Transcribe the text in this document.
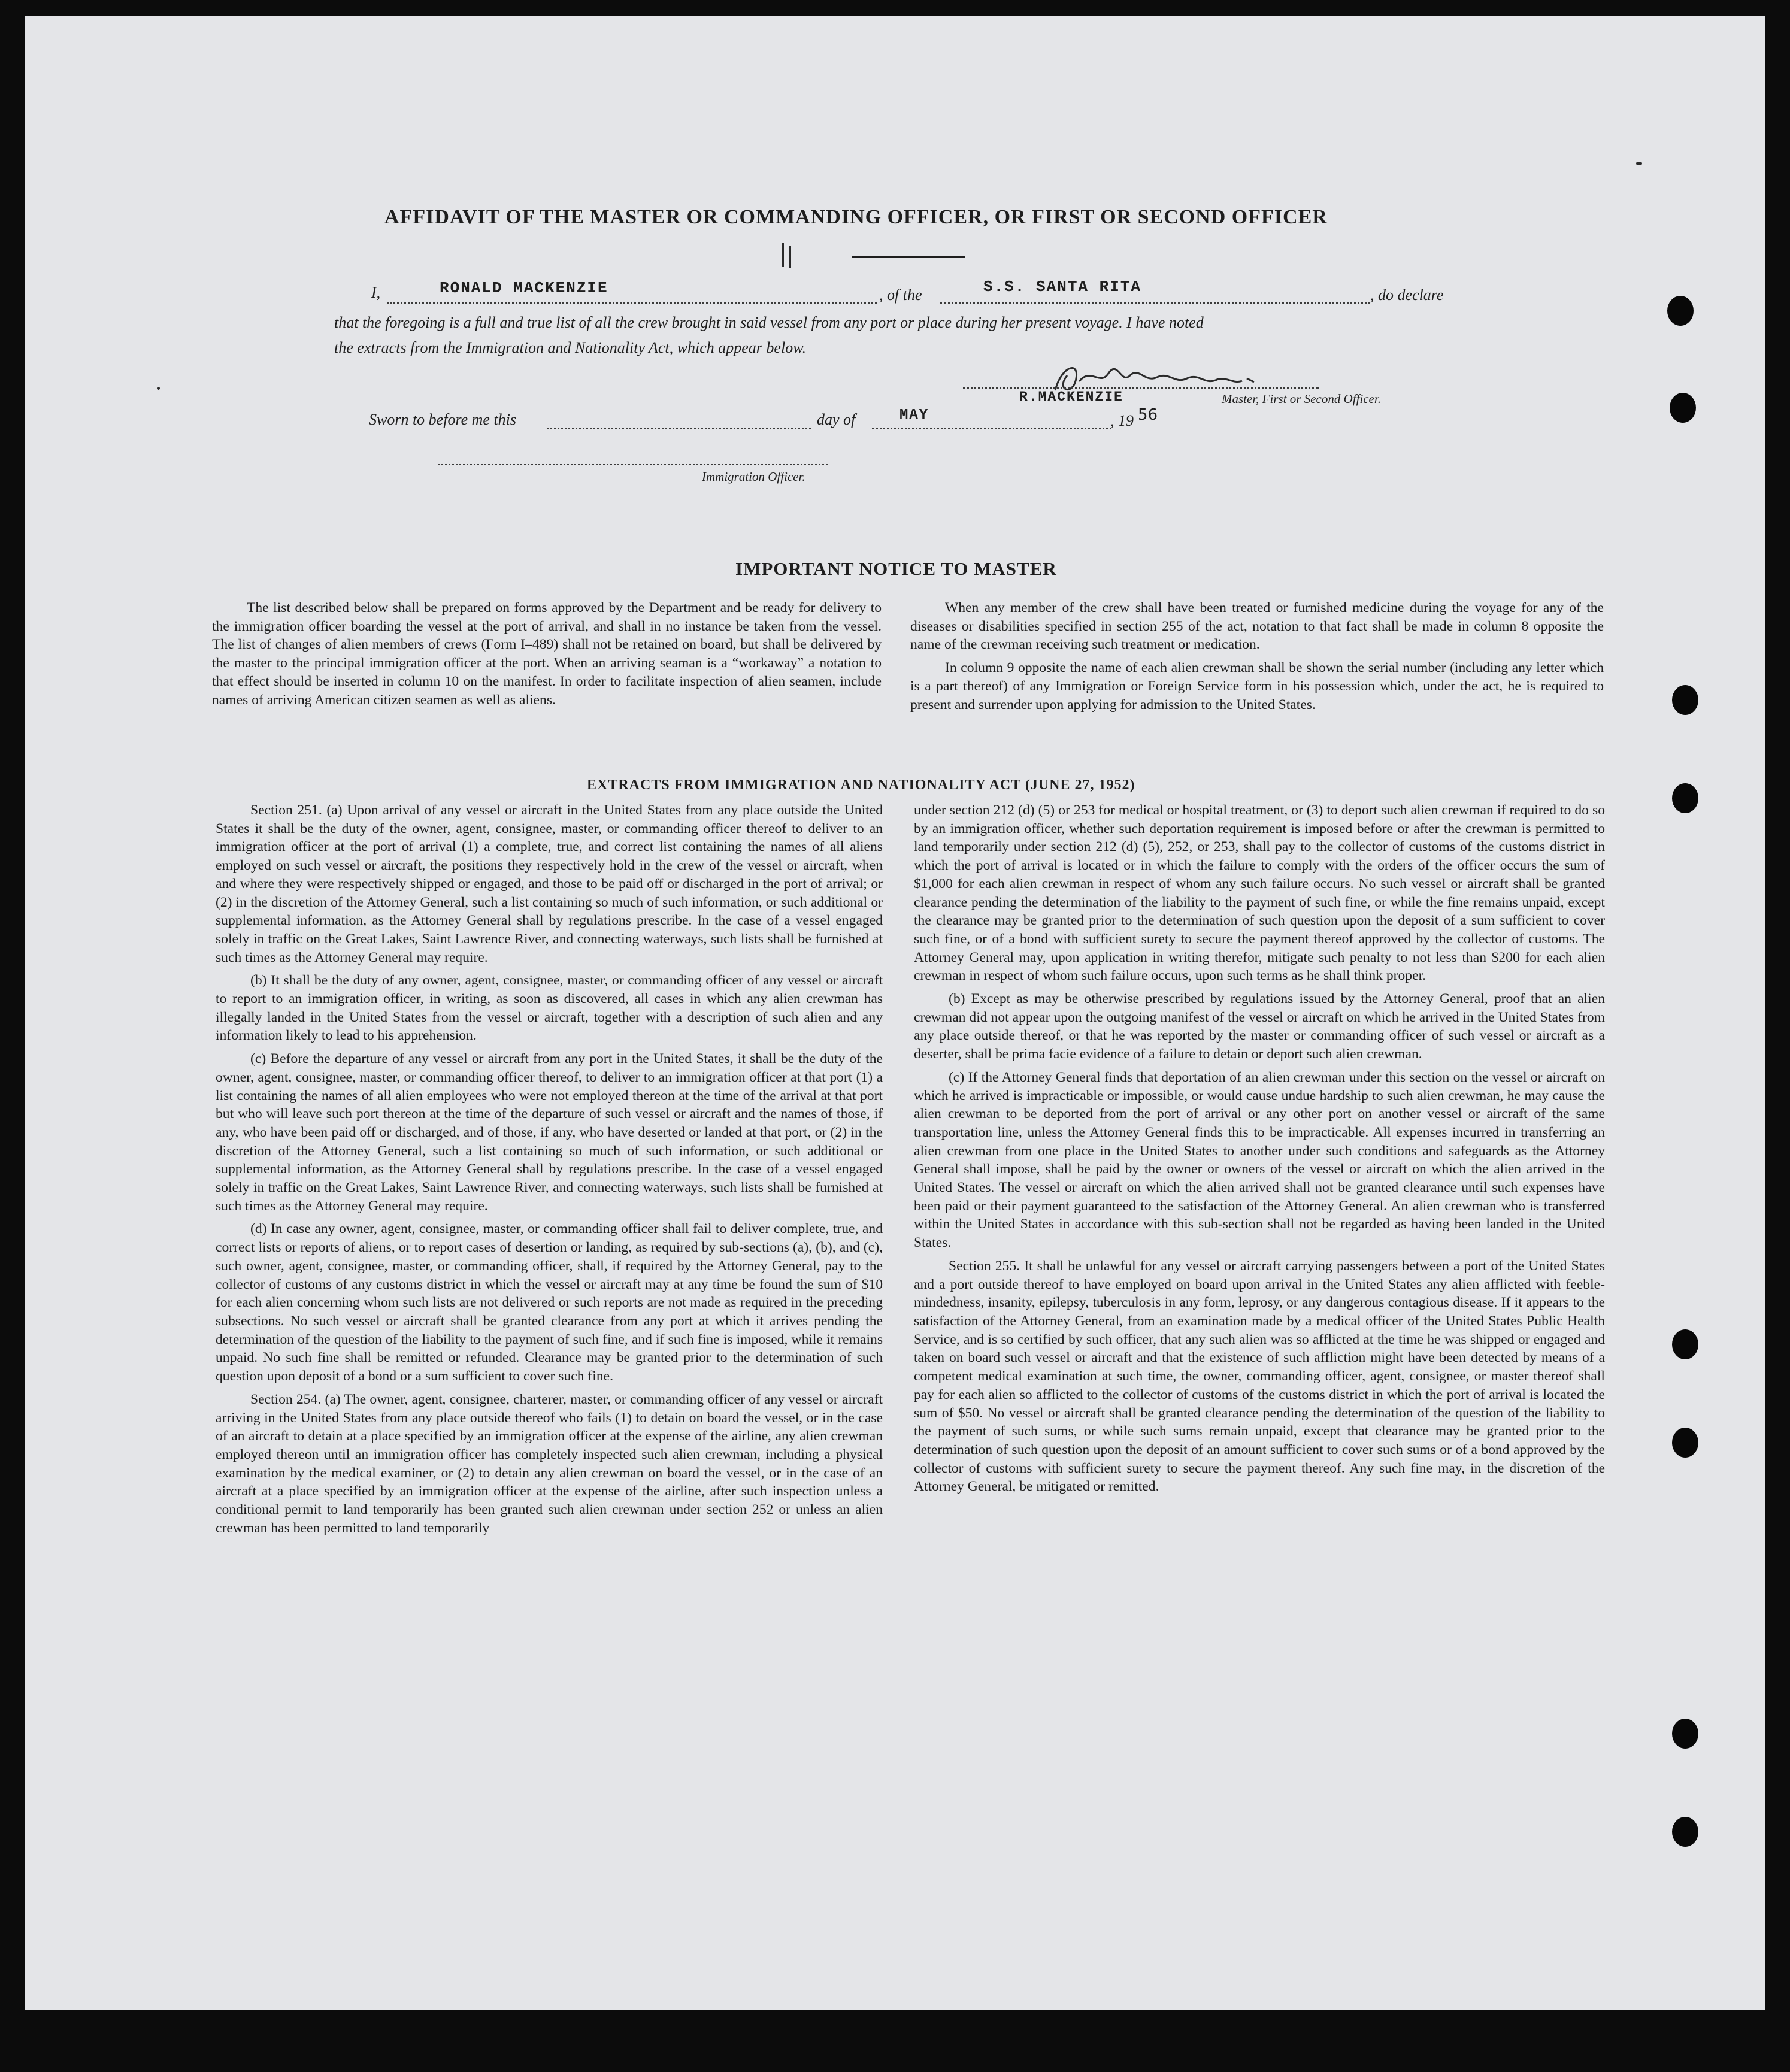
AFFIDAVIT OF THE MASTER OR COMMANDING OFFICER, OR FIRST OR SECOND OFFICER
I,	RONALD MACKENZIE	, of the	S.S. SANTA RITA	, do declare
that the foregoing is a full and true list of all the crew brought in said vessel from any port or place during her present voyage. I have noted
the extracts from the Immigration and Nationality Act, which appear below.
R.MACKENZIE	Master, First or Second Officer.
Sworn to before me this	day of	MAY	, 19 56
Immigration Officer.
IMPORTANT NOTICE TO MASTER

The list described below shall be prepared on forms approved by the Department and be ready for delivery to the immigration officer boarding the vessel at the port of arrival, and shall in no instance be taken from the vessel. The list of changes of alien members of crews (Form I–489) shall not be retained on board, but shall be delivered by the master to the principal immigration officer at the port. When an arriving seaman is a “workaway” a notation to that effect should be inserted in column 10 on the manifest. In order to facilitate inspection of alien seamen, include names of arriving American citizen seamen as well as aliens.

When any member of the crew shall have been treated or furnished medicine during the voyage for any of the diseases or disabilities specified in section 255 of the act, notation to that fact shall be made in column 8 opposite the name of the crewman receiving such treatment or medication.

In column 9 opposite the name of each alien crewman shall be shown the serial number (including any letter which is a part thereof) of any Immigration or Foreign Service form in his possession which, under the act, he is required to present and surrender upon applying for admission to the United States.

EXTRACTS FROM IMMIGRATION AND NATIONALITY ACT (JUNE 27, 1952)

Section 251. (a) Upon arrival of any vessel or aircraft in the United States from any place outside the United States it shall be the duty of the owner, agent, consignee, master, or commanding officer thereof to deliver to an immigration officer at the port of arrival (1) a complete, true, and correct list containing the names of all aliens employed on such vessel or aircraft, the positions they respectively hold in the crew of the vessel or aircraft, when and where they were respectively shipped or engaged, and those to be paid off or discharged in the port of arrival; or (2) in the discretion of the Attorney General, such a list containing so much of such information, or such additional or supplemental information, as the Attorney General shall by regulations prescribe. In the case of a vessel engaged solely in traffic on the Great Lakes, Saint Lawrence River, and connecting waterways, such lists shall be furnished at such times as the Attorney General may require.

(b) It shall be the duty of any owner, agent, consignee, master, or commanding officer of any vessel or aircraft to report to an immigration officer, in writing, as soon as discovered, all cases in which any alien crewman has illegally landed in the United States from the vessel or aircraft, together with a description of such alien and any information likely to lead to his apprehension.

(c) Before the departure of any vessel or aircraft from any port in the United States, it shall be the duty of the owner, agent, consignee, master, or commanding officer thereof, to deliver to an immigration officer at that port (1) a list containing the names of all alien employees who were not employed thereon at the time of the arrival at that port but who will leave such port thereon at the time of the departure of such vessel or aircraft and the names of those, if any, who have been paid off or discharged, and of those, if any, who have deserted or landed at that port, or (2) in the discretion of the Attorney General, such a list containing so much of such information, or such additional or supplemental information, as the Attorney General shall by regulations prescribe. In the case of a vessel engaged solely in traffic on the Great Lakes, Saint Lawrence River, and connecting waterways, such lists shall be furnished at such times as the Attorney General may require.

(d) In case any owner, agent, consignee, master, or commanding officer shall fail to deliver complete, true, and correct lists or reports of aliens, or to report cases of desertion or landing, as required by sub-sections (a), (b), and (c), such owner, agent, consignee, master, or commanding officer, shall, if required by the Attorney General, pay to the collector of customs of any customs district in which the vessel or aircraft may at any time be found the sum of $10 for each alien concerning whom such lists are not delivered or such reports are not made as required in the preceding subsections. No such vessel or aircraft shall be granted clearance from any port at which it arrives pending the determination of the question of the liability to the payment of such fine, and if such fine is imposed, while it remains unpaid. No such fine shall be remitted or refunded. Clearance may be granted prior to the determination of such question upon deposit of a bond or a sum sufficient to cover such fine.

Section 254. (a) The owner, agent, consignee, charterer, master, or commanding officer of any vessel or aircraft arriving in the United States from any place outside thereof who fails (1) to detain on board the vessel, or in the case of an aircraft to detain at a place specified by an immigration officer at the expense of the airline, any alien crewman employed thereon until an immigration officer has completely inspected such alien crewman, including a physical examination by the medical examiner, or (2) to detain any alien crewman on board the vessel, or in the case of an aircraft at a place specified by an immigration officer at the expense of the airline, after such inspection unless a conditional permit to land temporarily has been granted such alien crewman under section 252 or unless an alien crewman has been permitted to land temporarily

under section 212 (d) (5) or 253 for medical or hospital treatment, or (3) to deport such alien crewman if required to do so by an immigration officer, whether such deportation requirement is imposed before or after the crewman is permitted to land temporarily under section 212 (d) (5), 252, or 253, shall pay to the collector of customs of the customs district in which the port of arrival is located or in which the failure to comply with the orders of the officer occurs the sum of $1,000 for each alien crewman in respect of whom any such failure occurs. No such vessel or aircraft shall be granted clearance pending the determination of the liability to the payment of such fine, or while the fine remains unpaid, except the clearance may be granted prior to the determination of such question upon the deposit of a sum sufficient to cover such fine, or of a bond with sufficient surety to secure the payment thereof approved by the collector of customs. The Attorney General may, upon application in writing therefor, mitigate such penalty to not less than $200 for each alien crewman in respect of whom such failure occurs, upon such terms as he shall think proper.

(b) Except as may be otherwise prescribed by regulations issued by the Attorney General, proof that an alien crewman did not appear upon the outgoing manifest of the vessel or aircraft on which he arrived in the United States from any place outside thereof, or that he was reported by the master or commanding officer of such vessel or aircraft as a deserter, shall be prima facie evidence of a failure to detain or deport such alien crewman.

(c) If the Attorney General finds that deportation of an alien crewman under this section on the vessel or aircraft on which he arrived is impracticable or impossible, or would cause undue hardship to such alien crewman, he may cause the alien crewman to be deported from the port of arrival or any other port on another vessel or aircraft of the same transportation line, unless the Attorney General finds this to be impracticable. All expenses incurred in transferring an alien crewman from one place in the United States to another under such conditions and safeguards as the Attorney General shall impose, shall be paid by the owner or owners of the vessel or aircraft on which the alien arrived in the United States. The vessel or aircraft on which the alien arrived shall not be granted clearance until such expenses have been paid or their payment guaranteed to the satisfaction of the Attorney General. An alien crewman who is transferred within the United States in accordance with this sub-section shall not be regarded as having been landed in the United States.

Section 255. It shall be unlawful for any vessel or aircraft carrying passengers between a port of the United States and a port outside thereof to have employed on board upon arrival in the United States any alien afflicted with feeble-mindedness, insanity, epilepsy, tuberculosis in any form, leprosy, or any dangerous contagious disease. If it appears to the satisfaction of the Attorney General, from an examination made by a medical officer of the United States Public Health Service, and is so certified by such officer, that any such alien was so afflicted at the time he was shipped or engaged and taken on board such vessel or aircraft and that the existence of such affliction might have been detected by means of a competent medical examination at such time, the owner, commanding officer, agent, consignee, or master thereof shall pay for each alien so afflicted to the collector of customs of the customs district in which the port of arrival is located the sum of $50. No vessel or aircraft shall be granted clearance pending the determination of the question of the liability to the payment of such sums, or while such sums remain unpaid, except that clearance may be granted prior to the determination of such question upon the deposit of an amount sufficient to cover such sums or of a bond approved by the collector of customs with sufficient surety to secure the payment thereof. Any such fine may, in the discretion of the Attorney General, be mitigated or remitted.
